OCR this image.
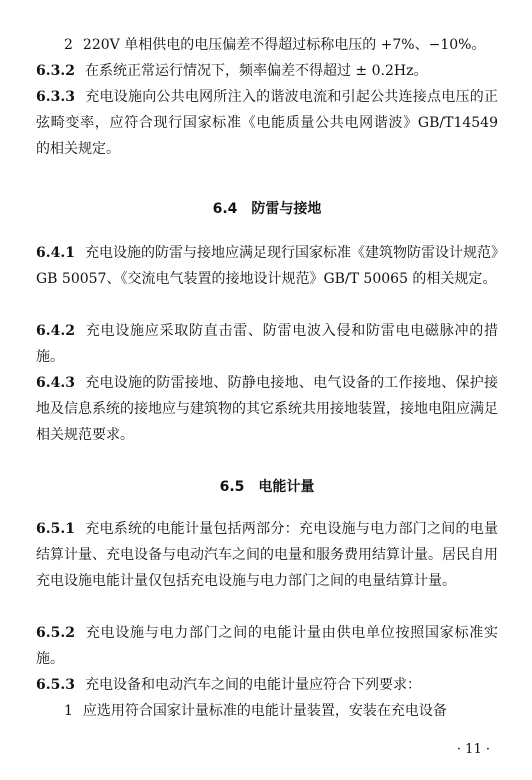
2 220V 单相供电的电压偏差不得超过标称电压的 +7%、−10%。

6.3.2 在系统正常运行情况下，频率偏差不得超过 ± 0.2Hz。

6.3.3 充电设施向公共电网所注入的谐波电流和引起公共连接点电压的正弦畸变率，应符合现行国家标准《电能质量公共电网谐波》GB/T14549 的相关规定。

6.4 防雷与接地

6.4.1 充电设施的防雷与接地应满足现行国家标准《建筑物防雷设计规范》GB 50057、《交流电气装置的接地设计规范》GB/T 50065 的相关规定。

6.4.2 充电设施应采取防直击雷、防雷电波入侵和防雷电电磁脉冲的措施。

6.4.3 充电设施的防雷接地、防静电接地、电气设备的工作接地、保护接地及信息系统的接地应与建筑物的其它系统共用接地装置，接地电阻应满足相关规范要求。

6.5 电能计量

6.5.1 充电系统的电能计量包括两部分：充电设施与电力部门之间的电量结算计量、充电设备与电动汽车之间的电量和服务费用结算计量。居民自用充电设施电能计量仅包括充电设施与电力部门之间的电量结算计量。

6.5.2 充电设施与电力部门之间的电能计量由供电单位按照国家标准实施。

6.5.3 充电设备和电动汽车之间的电能计量应符合下列要求：

1 应选用符合国家计量标准的电能计量装置，安装在充电设备

· 11 ·
